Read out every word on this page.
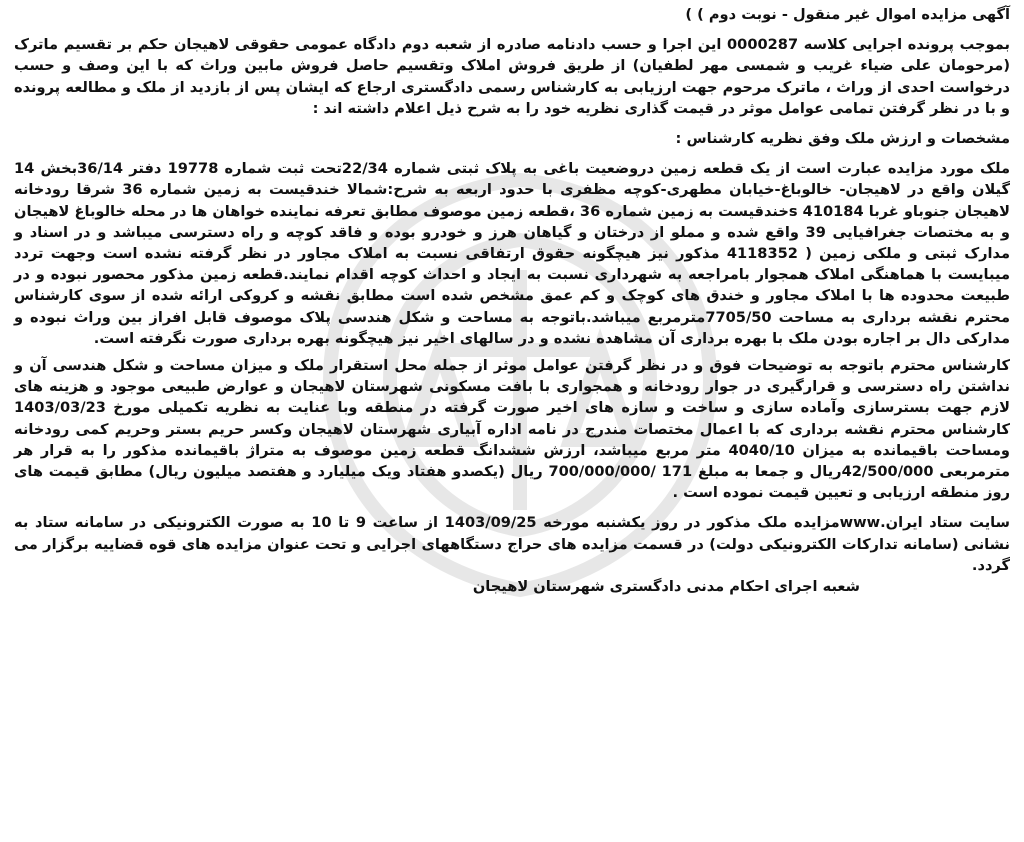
آگهی مزایده اموال غیر منقول - نوبت دوم ) )

بموجب پرونده اجرایی کلاسه 0000287 این اجرا و حسب دادنامه صادره از شعبه دوم دادگاه عمومی حقوقی لاهیجان حکم بر تقسیم ماترک (مرحومان علی ضیاء غریب و شمسی مهر لطفیان) از طریق فروش املاک وتقسیم حاصل فروش مابین وراث که با این وصف و حسب درخواست احدی از وراث ، ماترک مرحوم جهت ارزیابی به کارشناس رسمی دادگستری ارجاع که ایشان پس از بازدید از ملک و مطالعه پرونده و با در نظر گرفتن تمامی عوامل موثر در قیمت گذاری نظریه خود را به شرح ذیل اعلام داشته اند :

مشخصات و ارزش ملک وفق نظریه کارشناس :

ملک مورد مزایده عبارت است از یک قطعه زمین دروضعیت باغی به پلاک ثبتی شماره 22/34تحت ثبت شماره 19778 دفتر 36/14بخش 14 گیلان واقع در لاهیجان- خالوباغ-خیابان مطهری-کوچه مظفری با حدود اربعه به شرح:شمالا خندقیست به زمین شماره 36 شرقا رودخانه لاهیجان جنوباو غربا 410184 sخندقیست به زمین شماره 36 ،قطعه زمین موصوف مطابق تعرفه نماینده خواهان ها در محله خالوباغ لاهیجان و به مختصات جغرافیایی 39 واقع شده و مملو از درختان و گیاهان هرز و خودرو بوده و فاقد کوچه و راه دسترسی میباشد و در اسناد و مدارک ثبتی و ملکی زمین ( 4118352 مذکور نیز هیچگونه حقوق ارتفاقی نسبت به املاک مجاور در نظر گرفته نشده است وجهت تردد میبایست با هماهنگی املاک همجوار بامراجعه به شهرداری نسبت به ایجاد و احداث کوچه اقدام نمایند.قطعه زمین مذکور محصور نبوده و در طبیعت محدوده ها با املاک مجاور و خندق های کوچک و کم عمق مشخص شده است مطابق نقشه و کروکی ارائه شده از سوی کارشناس محترم نقشه برداری به مساحت 7705/50مترمربع میباشد.باتوجه به مساحت و شکل هندسی پلاک موصوف قابل افراز بین وراث نبوده و مدارکی دال بر اجاره بودن ملک با بهره برداری آن مشاهده نشده و در سالهای اخیر نیز هیچگونه بهره برداری صورت نگرفته است.

کارشناس محترم باتوجه به توضیحات فوق و در نظر گرفتن عوامل موثر از جمله محل استقرار ملک و میزان مساحت و شکل هندسی آن و نداشتن راه دسترسی و قرارگیری در جوار رودخانه و همجواری با بافت مسکونی شهرستان لاهیجان و عوارض طبیعی موجود و هزینه های لازم جهت بسترسازی وآماده سازی و ساخت و سازه های اخیر صورت گرفته در منطقه وبا عنایت به نظریه تکمیلی مورخ 1403/03/23 کارشناس محترم نقشه برداری که با اعمال مختصات مندرج در نامه اداره آبیاری شهرستان لاهیجان وکسر حریم بستر وحریم کمی رودخانه ومساحت باقیمانده به میزان 4040/10 متر مربع میباشد، ارزش ششدانگ قطعه زمین موصوف به متراژ باقیمانده مذکور را به قرار هر مترمربعی 42/500/000ریال و جمعا به مبلغ 171 /700/000/000 ریال (یکصدو هفتاد ویک میلیارد و هفتصد میلیون ریال) مطابق قیمت های روز منطقه ارزیابی و تعیین قیمت نموده است .

سایت ستاد ایران.wwwمزایده ملک مذکور در روز یکشنبه مورخه 1403/09/25 از ساعت 9 تا 10 به صورت الکترونیکی در سامانه ستاد به نشانی (سامانه تدارکات الکترونیکی دولت) در قسمت مزایده های حراج دستگاههای اجرایی و تحت عنوان مزایده های قوه قضاییه برگزار می گردد.

شعبه اجرای احکام مدنی دادگستری شهرستان لاهیجان
